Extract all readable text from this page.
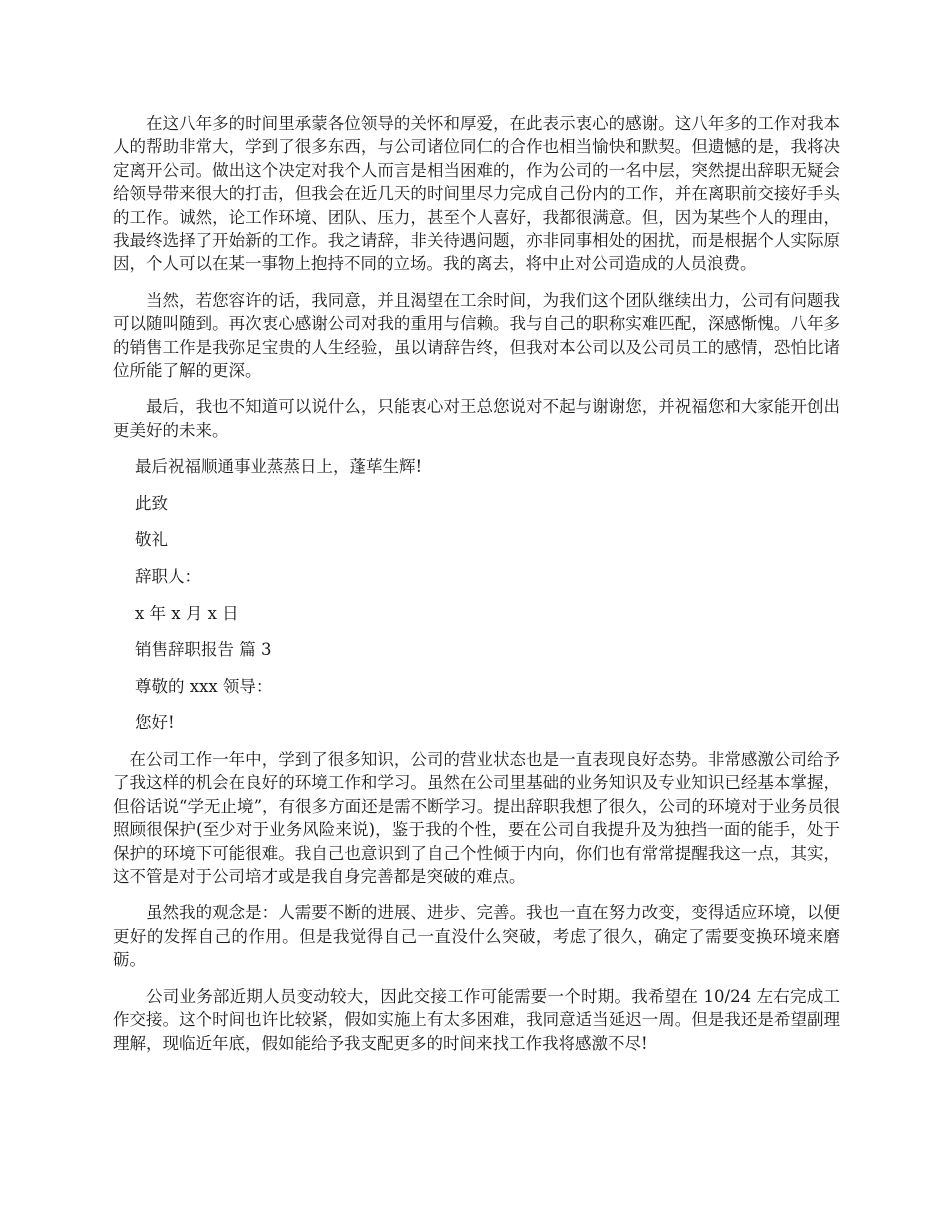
在这八年多的时间里承蒙各位领导的关怀和厚爱，在此表示衷心的感谢。这八年多的工作对我本人的帮助非常大，学到了很多东西，与公司诸位同仁的合作也相当愉快和默契。但遗憾的是，我将决定离开公司。做出这个决定对我个人而言是相当困难的，作为公司的一名中层，突然提出辞职无疑会给领导带来很大的打击，但我会在近几天的时间里尽力完成自己份内的工作，并在离职前交接好手头的工作。诚然，论工作环境、团队、压力，甚至个人喜好，我都很满意。但，因为某些个人的理由，我最终选择了开始新的工作。我之请辞，非关待遇问题，亦非同事相处的困扰，而是根据个人实际原因，个人可以在某一事物上抱持不同的立场。我的离去，将中止对公司造成的人员浪费。

当然，若您容许的话，我同意，并且渴望在工余时间，为我们这个团队继续出力，公司有问题我可以随叫随到。再次衷心感谢公司对我的重用与信赖。我与自己的职称实难匹配，深感惭愧。八年多的销售工作是我弥足宝贵的人生经验，虽以请辞告终，但我对本公司以及公司员工的感情，恐怕比诸位所能了解的更深。

最后，我也不知道可以说什么，只能衷心对王总您说对不起与谢谢您，并祝福您和大家能开创出更美好的未来。

最后祝福顺通事业蒸蒸日上，蓬荜生辉!
此致
敬礼
辞职人：
x 年 x 月 x 日
销售辞职报告 篇 3
尊敬的 xxx 领导：
您好!

在公司工作一年中，学到了很多知识，公司的营业状态也是一直表现良好态势。非常感激公司给予了我这样的机会在良好的环境工作和学习。虽然在公司里基础的业务知识及专业知识已经基本掌握，但俗话说“学无止境”，有很多方面还是需不断学习。提出辞职我想了很久，公司的环境对于业务员很照顾很保护(至少对于业务风险来说)，鉴于我的个性，要在公司自我提升及为独挡一面的能手，处于保护的环境下可能很难。我自己也意识到了自己个性倾于内向，你们也有常常提醒我这一点，其实，这不管是对于公司培才或是我自身完善都是突破的难点。

虽然我的观念是：人需要不断的进展、进步、完善。我也一直在努力改变，变得适应环境，以便更好的发挥自己的作用。但是我觉得自己一直没什么突破，考虑了很久，确定了需要变换环境来磨砺。

公司业务部近期人员变动较大，因此交接工作可能需要一个时期。我希望在 10/24 左右完成工作交接。这个时间也许比较紧，假如实施上有太多困难，我同意适当延迟一周。但是我还是希望副理理解，现临近年底，假如能给予我支配更多的时间来找工作我将感激不尽!
